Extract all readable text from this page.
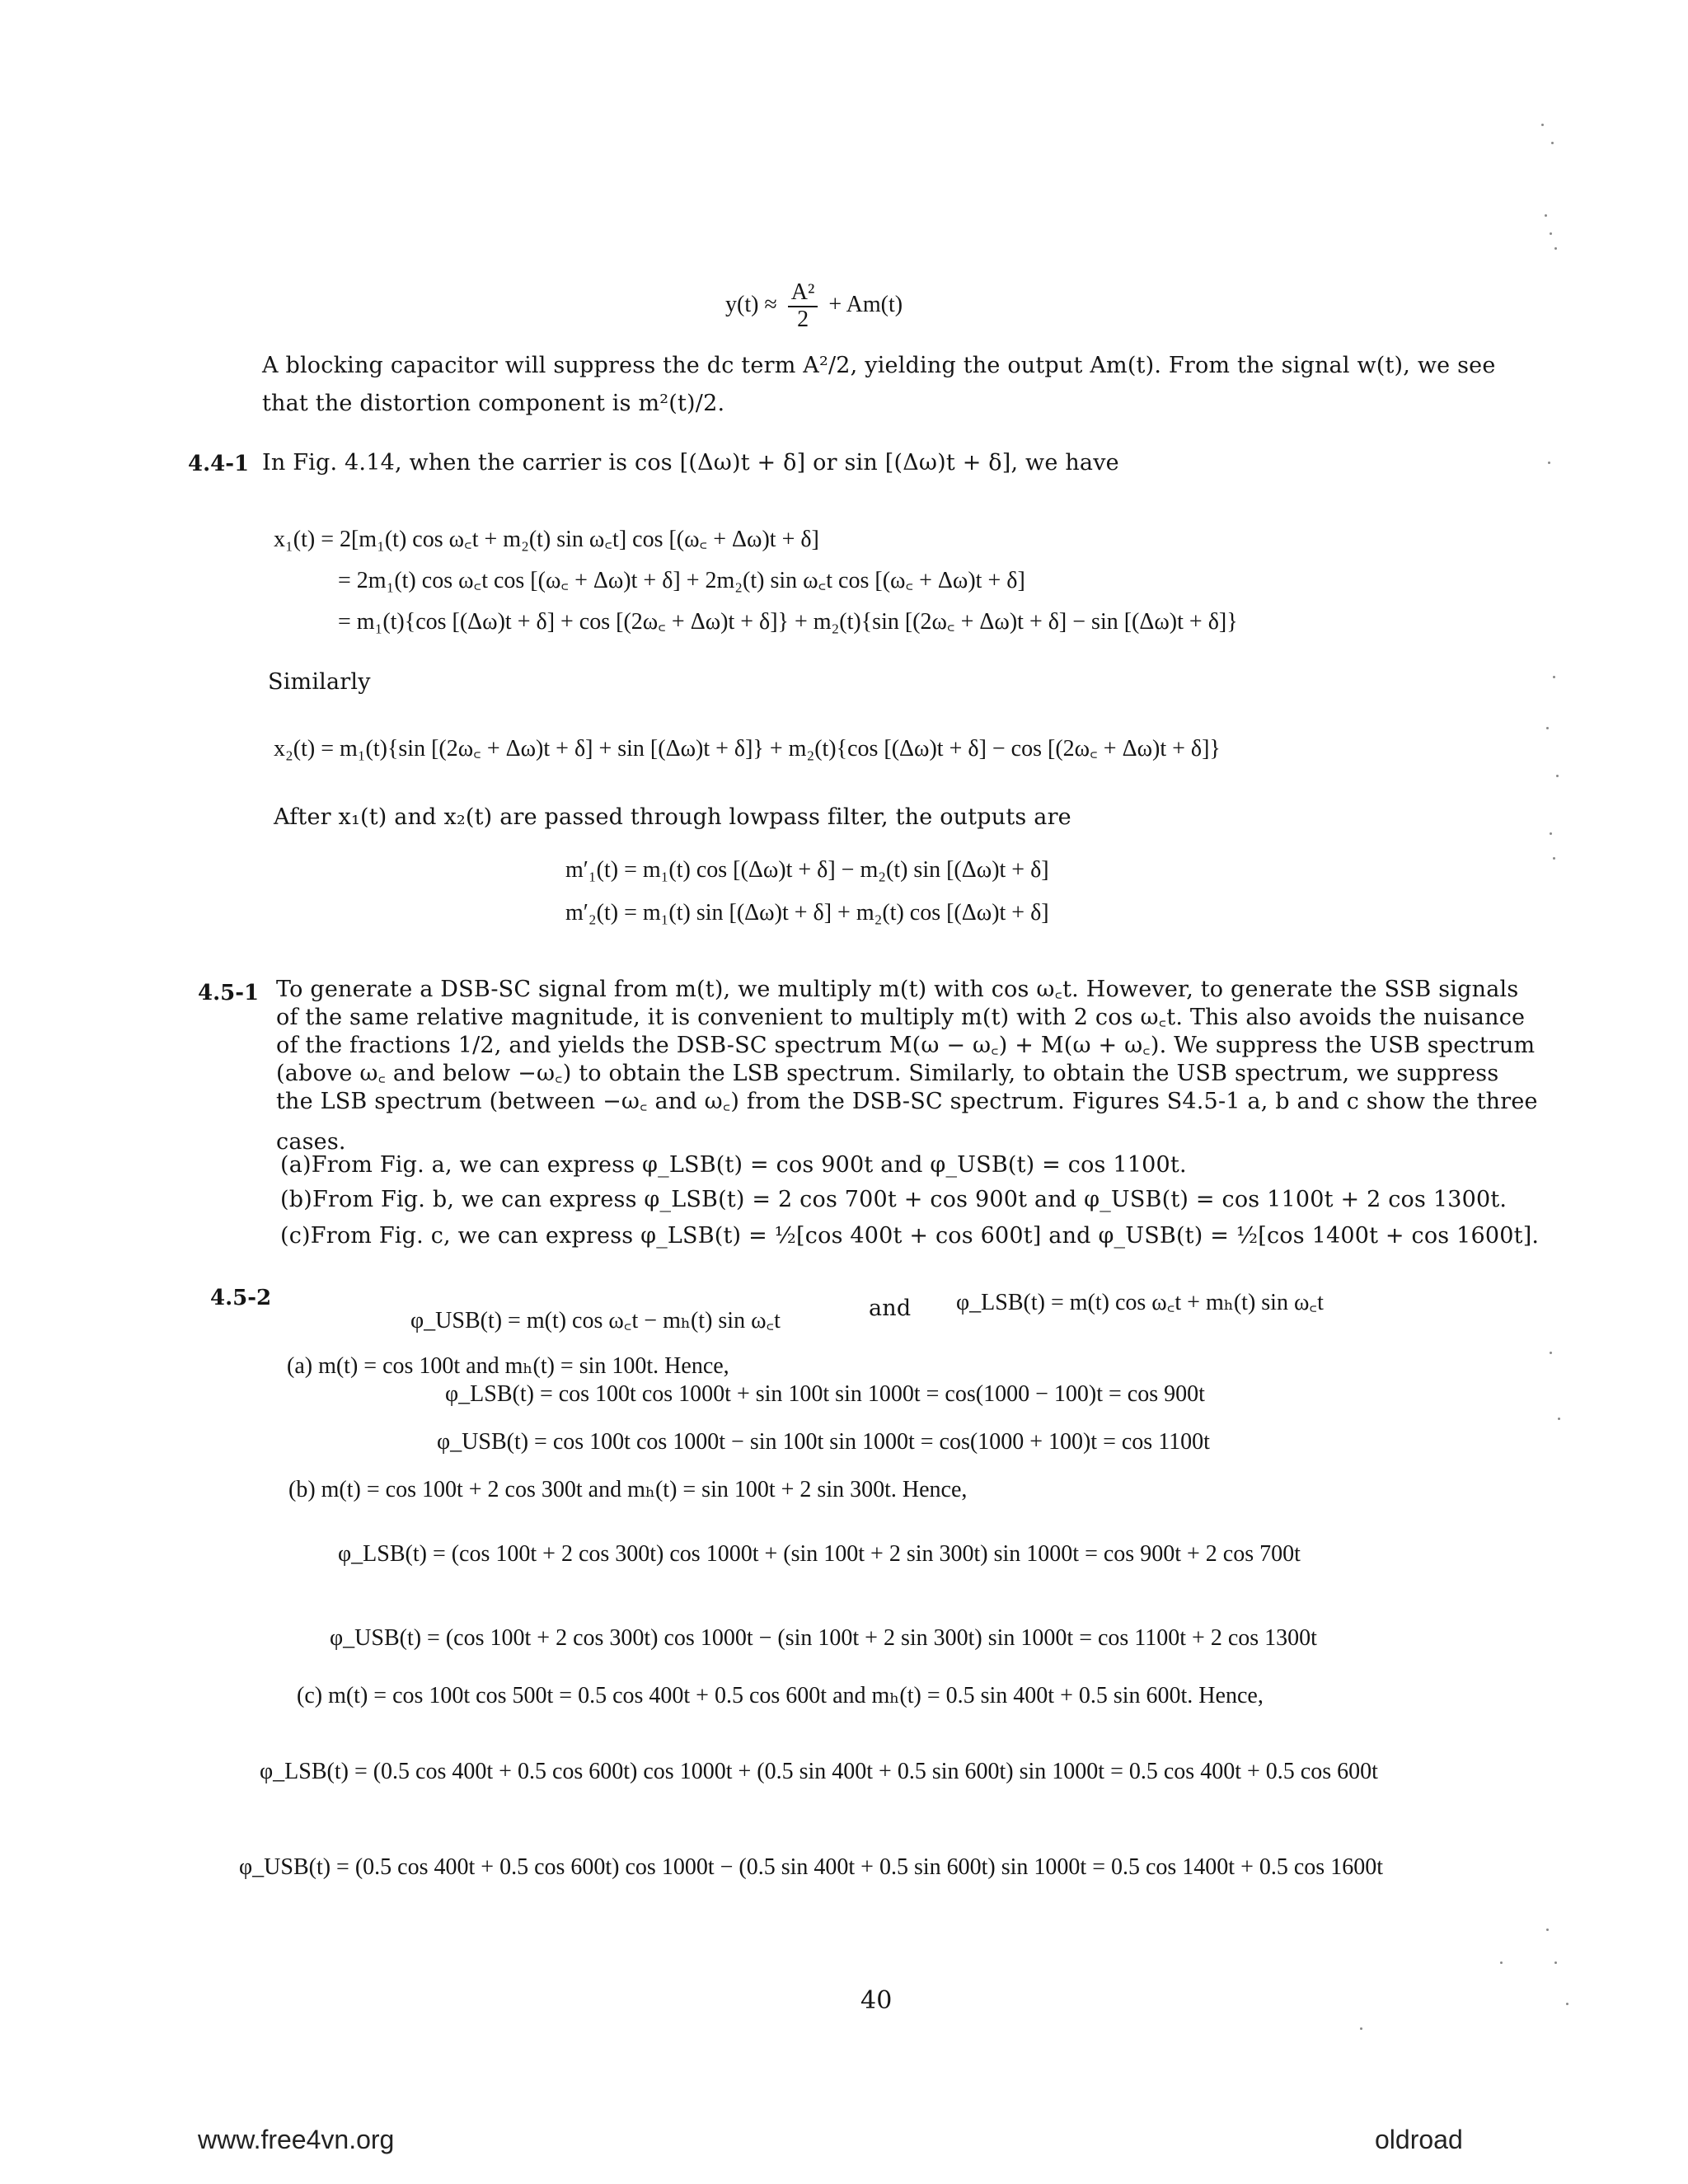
$y(t) \approx \frac{\text{A²}}{2} + Am(t)$
A blocking capacitor will suppress the dc term A²/2, yielding the output Am(t). From the signal w(t), we see
that the distortion component is m²(t)/2.
4.4-1 In Fig. 4.14, when the carrier is cos [(Δω)t + δ] or sin [(Δω)t + δ], we have
x₁(t) = 2[m₁(t) cos ω꜀t + m₂(t) sin ω꜀t] cos [(ω꜀ + Δω)t + δ]
= 2m₁(t) cos ω꜀t cos [(ω꜀ + Δω)t + δ] + 2m₂(t) sin ω꜀t cos [(ω꜀ + Δω)t + δ]
= m₁(t){cos [(Δω)t + δ] + cos [(2ω꜀ + Δω)t + δ]} + m₂(t){sin [(2ω꜀ + Δω)t + δ] − sin [(Δω)t + δ]}
Similarly
x₂(t) = m₁(t){sin [(2ω꜀ + Δω)t + δ] + sin [(Δω)t + δ]} + m₂(t){cos [(Δω)t + δ] − cos [(2ω꜀ + Δω)t + δ]}
After x₁(t) and x₂(t) are passed through lowpass filter, the outputs are
m′₁(t) = m₁(t) cos [(Δω)t + δ] − m₂(t) sin [(Δω)t + δ]
m′₂(t) = m₁(t) sin [(Δω)t + δ] + m₂(t) cos [(Δω)t + δ]
4.5-1 To generate a DSB-SC signal from m(t), we multiply m(t) with cos ω꜀t. However, to generate the SSB signals
of the same relative magnitude, it is convenient to multiply m(t) with 2 cos ω꜀t. This also avoids the nuisance
of the fractions 1/2, and yields the DSB-SC spectrum M(ω − ω꜀) + M(ω + ω꜀). We suppress the USB spectrum
(above ω꜀ and below −ω꜀) to obtain the LSB spectrum. Similarly, to obtain the USB spectrum, we suppress
the LSB spectrum (between −ω꜀ and ω꜀) from the DSB-SC spectrum. Figures S4.5-1 a, b and c show the three
cases.
(a)From Fig. a, we can express φ_LSB(t) = cos 900t and φ_USB(t) = cos 1100t.
(b)From Fig. b, we can express φ_LSB(t) = 2 cos 700t + cos 900t and φ_USB(t) = cos 1100t + 2 cos 1300t.
(c)From Fig. c, we can express φ_LSB(t) = ½[cos 400t + cos 600t] and φ_USB(t) = ½[cos 1400t + cos 1600t].
4.5-2
φ_USB(t) = m(t) cos ω꜀t − mₕ(t) sin ω꜀t	and φ_LSB(t) = m(t) cos ω꜀t + mₕ(t) sin ω꜀t
(a) m(t) = cos 100t and mₕ(t) = sin 100t. Hence,
φ_LSB(t) = cos 100t cos 1000t + sin 100t sin 1000t = cos(1000 − 100)t = cos 900t
φ_USB(t) = cos 100t cos 1000t − sin 100t sin 1000t = cos(1000 + 100)t = cos 1100t
(b) m(t) = cos 100t + 2 cos 300t and mₕ(t) = sin 100t + 2 sin 300t. Hence,
φ_LSB(t) = (cos 100t + 2 cos 300t) cos 1000t + (sin 100t + 2 sin 300t) sin 1000t = cos 900t + 2 cos 700t
φ_USB(t) = (cos 100t + 2 cos 300t) cos 1000t − (sin 100t + 2 sin 300t) sin 1000t = cos 1100t + 2 cos 1300t
(c) m(t) = cos 100t cos 500t = 0.5 cos 400t + 0.5 cos 600t and mₕ(t) = 0.5 sin 400t + 0.5 sin 600t. Hence,
φ_LSB(t) = (0.5 cos 400t + 0.5 cos 600t) cos 1000t + (0.5 sin 400t + 0.5 sin 600t) sin 1000t = 0.5 cos 400t + 0.5 cos 600t
φ_USB(t) = (0.5 cos 400t + 0.5 cos 600t) cos 1000t − (0.5 sin 400t + 0.5 sin 600t) sin 1000t = 0.5 cos 1400t + 0.5 cos 1600t
40
www.free4vn.org	oldroad
